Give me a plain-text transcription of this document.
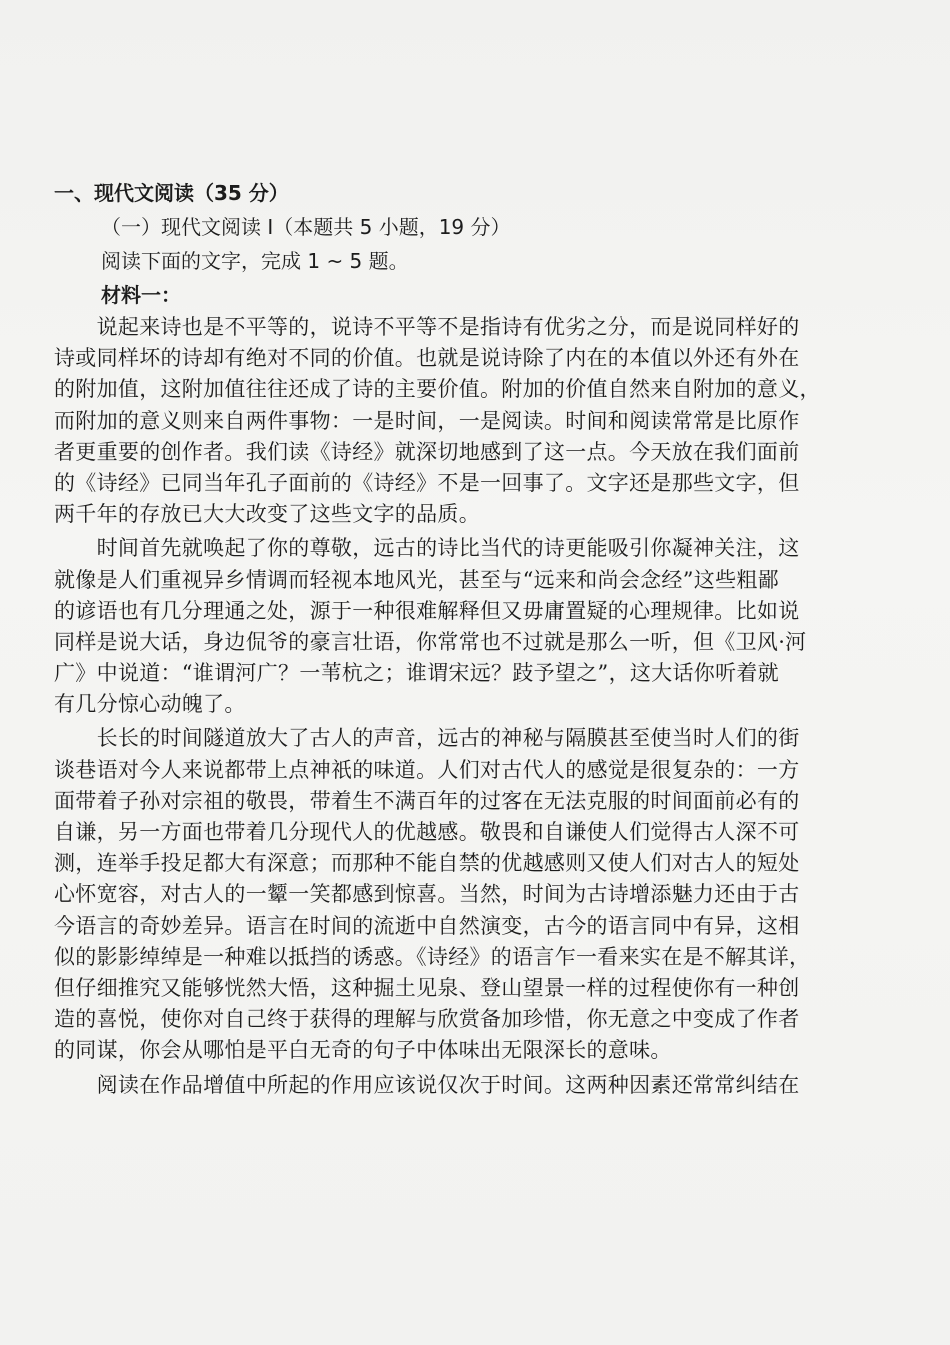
一、现代文阅读（35 分）
（一）现代文阅读 I（本题共 5 小题，19 分）
阅读下面的文字，完成 1 ~ 5 题。
材料一：
　　说起来诗也是不平等的，说诗不平等不是指诗有优劣之分，而是说同样好的
诗或同样坏的诗却有绝对不同的价值。也就是说诗除了内在的本值以外还有外在
的附加值，这附加值往往还成了诗的主要价值。附加的价值自然来自附加的意义，
而附加的意义则来自两件事物：一是时间，一是阅读。时间和阅读常常是比原作
者更重要的创作者。我们读《诗经》就深切地感到了这一点。今天放在我们面前
的《诗经》已同当年孔子面前的《诗经》不是一回事了。文字还是那些文字，但
两千年的存放已大大改变了这些文字的品质。
　　时间首先就唤起了你的尊敬，远古的诗比当代的诗更能吸引你凝神关注，这
就像是人们重视异乡情调而轻视本地风光，甚至与“远来和尚会念经”这些粗鄙
的谚语也有几分理通之处，源于一种很难解释但又毋庸置疑的心理规律。比如说
同样是说大话，身边侃爷的豪言壮语，你常常也不过就是那么一听，但《卫风·河
广》中说道：“谁谓河广？一苇杭之；谁谓宋远？跂予望之”，这大话你听着就
有几分惊心动魄了。
　　长长的时间隧道放大了古人的声音，远古的神秘与隔膜甚至使当时人们的街
谈巷语对今人来说都带上点神祇的味道。人们对古代人的感觉是很复杂的：一方
面带着子孙对宗祖的敬畏，带着生不满百年的过客在无法克服的时间面前必有的
自谦，另一方面也带着几分现代人的优越感。敬畏和自谦使人们觉得古人深不可
测，连举手投足都大有深意；而那种不能自禁的优越感则又使人们对古人的短处
心怀宽容，对古人的一颦一笑都感到惊喜。当然，时间为古诗增添魅力还由于古
今语言的奇妙差异。语言在时间的流逝中自然演变，古今的语言同中有异，这相
似的影影绰绰是一种难以抵挡的诱惑。《诗经》的语言乍一看来实在是不解其详，
但仔细推究又能够恍然大悟，这种掘土见泉、登山望景一样的过程使你有一种创
造的喜悦，使你对自己终于获得的理解与欣赏备加珍惜，你无意之中变成了作者
的同谋，你会从哪怕是平白无奇的句子中体味出无限深长的意味。
　　阅读在作品增值中所起的作用应该说仅次于时间。这两种因素还常常纠结在
